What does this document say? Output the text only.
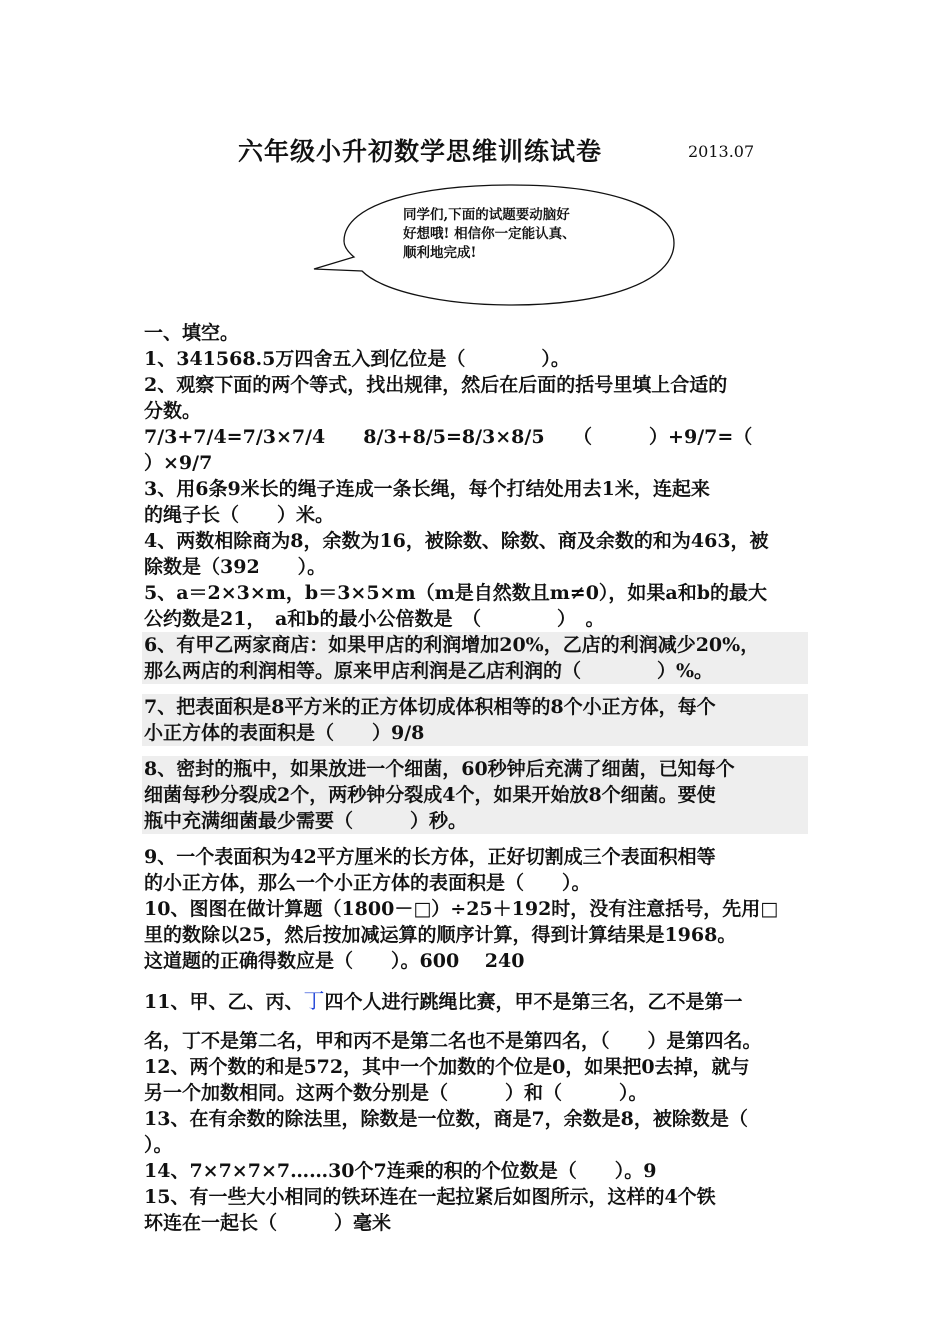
六年级小升初数学思维训练试卷	2013.07
同学们,下面的试题要动脑好
好想哦! 相信你一定能认真、
顺利地完成!
一、填空。
1、341568.5万四舍五入到亿位是（　　　　）。
2、观察下面的两个等式，找出规律，然后在后面的括号里填上合适的
分数。
7/3+7/4=7/3×7/4　　8/3+8/5=8/3×8/5　　（　　　）+9/7=（
）×9/7
3、用6条9米长的绳子连成一条长绳，每个打结处用去1米，连起来
的绳子长（　　）米。
4、两数相除商为8，余数为16，被除数、除数、商及余数的和为463，被
除数是（392　　）。
5、a＝2×3×m，b＝3×5×m（m是自然数且m≠0），如果a和b的最大
公约数是21，　a和b的最小公倍数是　（　　　　）　。
6、有甲乙两家商店：如果甲店的利润增加20%，乙店的利润减少20%，
那么两店的利润相等。原来甲店利润是乙店利润的（　　　　）%。
7、把表面积是8平方米的正方体切成体积相等的8个小正方体，每个
小正方体的表面积是（　　）9/8
8、密封的瓶中，如果放进一个细菌，60秒钟后充满了细菌，已知每个
细菌每秒分裂成2个，两秒钟分裂成4个，如果开始放8个细菌。要使
瓶中充满细菌最少需要（　　　）秒。
9、一个表面积为42平方厘米的长方体，正好切割成三个表面积相等
的小正方体，那么一个小正方体的表面积是（　　）。
10、图图在做计算题（1800－□）÷25＋192时，没有注意括号，先用□
里的数除以25，然后按加减运算的顺序计算，得到计算结果是1968。
这道题的正确得数应是（　　）。600　 240
11、甲、乙、丙、丁四个人进行跳绳比赛，甲不是第三名，乙不是第一
名，丁不是第二名，甲和丙不是第二名也不是第四名，（　　）是第四名。
12、两个数的和是572，其中一个加数的个位是0，如果把0去掉，就与
另一个加数相同。这两个数分别是（　　　）和（　　　）。
13、在有余数的除法里，除数是一位数，商是7，余数是8，被除数是（
）。
14、7×7×7×7……30个7连乘的积的个位数是（　　）。9
15、有一些大小相同的铁环连在一起拉紧后如图所示，这样的4个铁
环连在一起长（　　　）毫米
